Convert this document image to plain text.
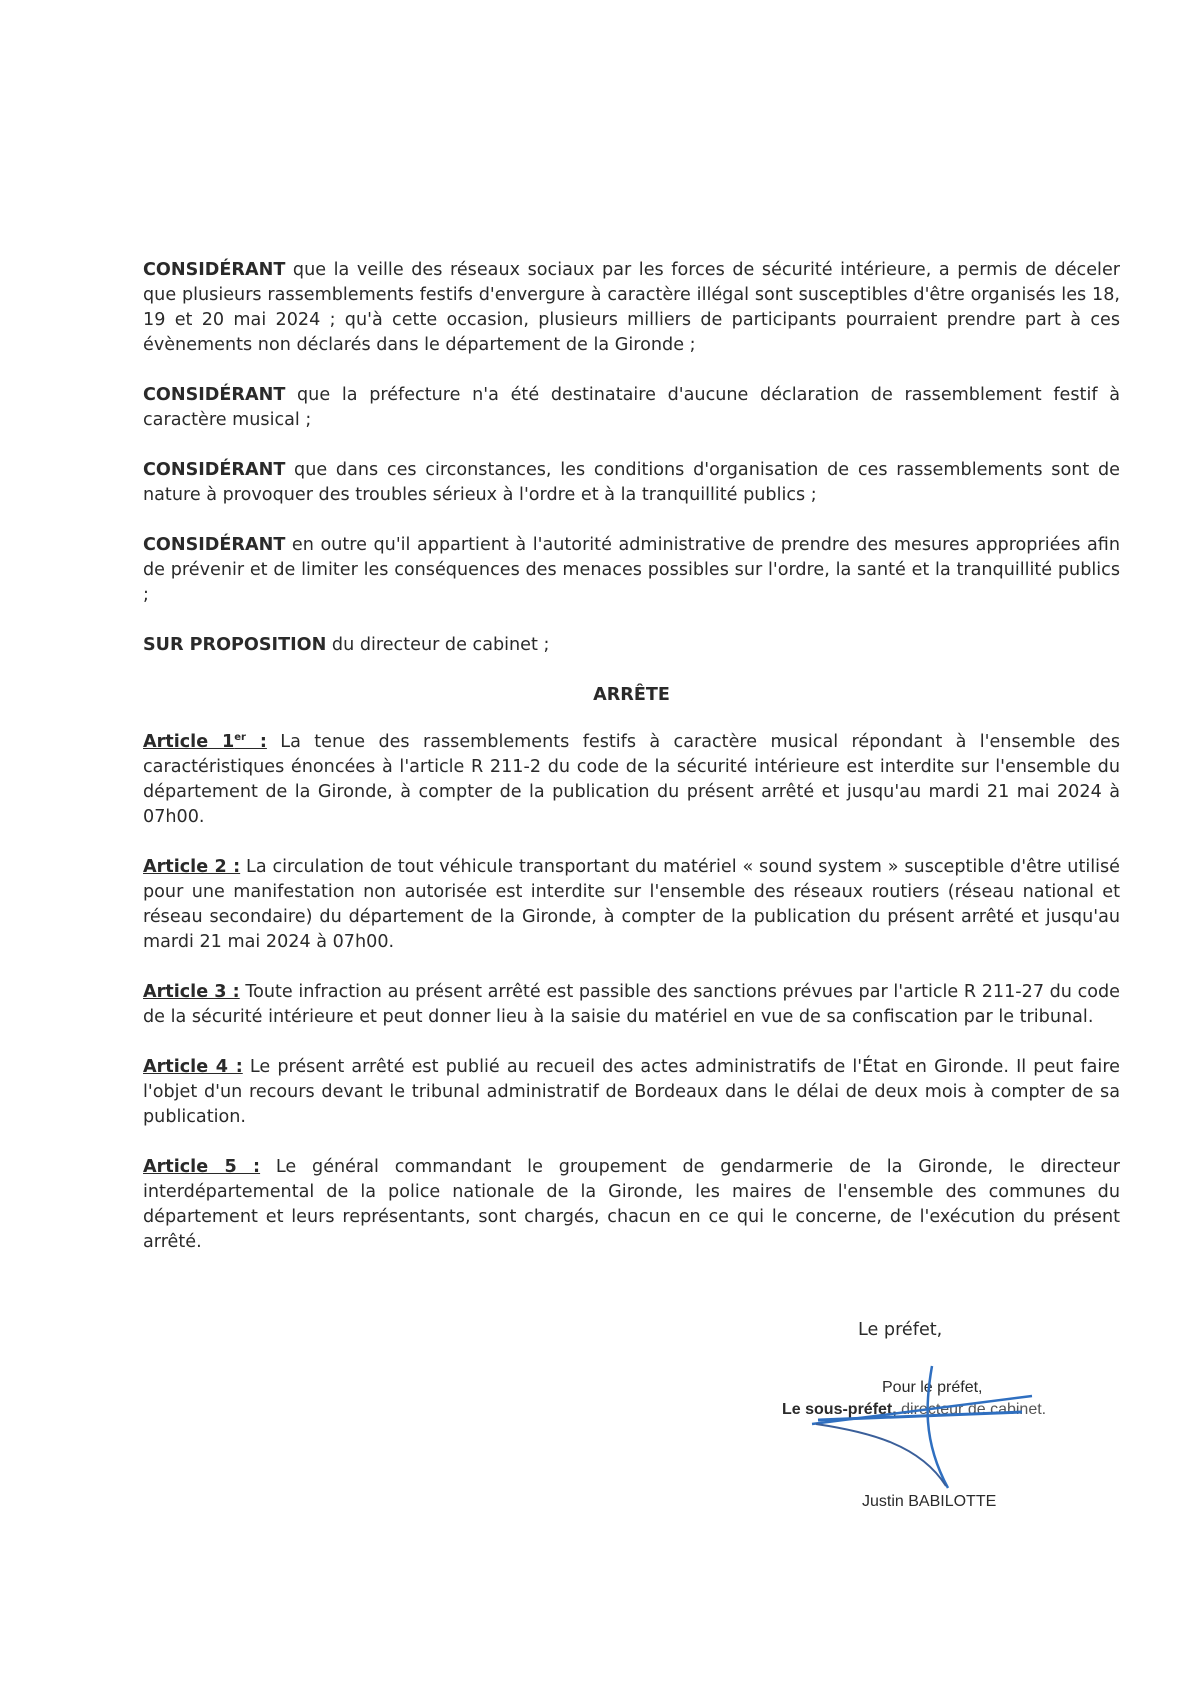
CONSIDÉRANT que la veille des réseaux sociaux par les forces de sécurité intérieure, a permis de déceler que plusieurs rassemblements festifs d'envergure à caractère illégal sont susceptibles d'être organisés les 18, 19 et 20 mai 2024 ; qu'à cette occasion, plusieurs milliers de participants pourraient prendre part à ces évènements non déclarés dans le département de la Gironde ;

CONSIDÉRANT que la préfecture n'a été destinataire d'aucune déclaration de rassemblement festif à caractère musical ;

CONSIDÉRANT que dans ces circonstances, les conditions d'organisation de ces rassemblements sont de nature à provoquer des troubles sérieux à l'ordre et à la tranquillité publics ;

CONSIDÉRANT en outre qu'il appartient à l'autorité administrative de prendre des mesures appropriées afin de prévenir et de limiter les conséquences des menaces possibles sur l'ordre, la santé et la tranquillité publics ;

SUR PROPOSITION du directeur de cabinet ;

ARRÊTE

Article 1er : La tenue des rassemblements festifs à caractère musical répondant à l'ensemble des caractéristiques énoncées à l'article R 211-2 du code de la sécurité intérieure est interdite sur l'ensemble du département de la Gironde, à compter de la publication du présent arrêté et jusqu'au mardi 21 mai 2024 à 07h00.

Article 2 : La circulation de tout véhicule transportant du matériel « sound system » susceptible d'être utilisé pour une manifestation non autorisée est interdite sur l'ensemble des réseaux routiers (réseau national et réseau secondaire) du département de la Gironde, à compter de la publication du présent arrêté et jusqu'au mardi 21 mai 2024 à 07h00.

Article 3 : Toute infraction au présent arrêté est passible des sanctions prévues par l'article R 211-27 du code de la sécurité intérieure et peut donner lieu à la saisie du matériel en vue de sa confiscation par le tribunal.

Article 4 : Le présent arrêté est publié au recueil des actes administratifs de l'État en Gironde. Il peut faire l'objet d'un recours devant le tribunal administratif de Bordeaux dans le délai de deux mois à compter de sa publication.

Article 5 : Le général commandant le groupement de gendarmerie de la Gironde, le directeur interdépartemental de la police nationale de la Gironde, les maires de l'ensemble des communes du département et leurs représentants, sont chargés, chacun en ce qui le concerne, de l'exécution du présent arrêté.

Le préfet,
Pour le préfet,
Le sous-préfet, directeur de cabinet.
Justin BABILOTTE
